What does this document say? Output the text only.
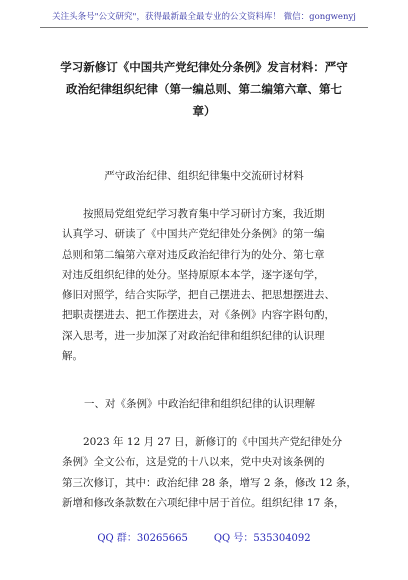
关注头条号"公文研究"，获得最新最全最专业的公文资料库！ 微信：gongwenyj
学习新修订《中国共产党纪律处分条例》发言材料：严守
政治纪律组织纪律（第一编总则、第二编第六章、第七
章）
严守政治纪律、组织纪律集中交流研讨材料
按照局党组党纪学习教育集中学习研讨方案，我近期
认真学习、研读了《中国共产党纪律处分条例》的第一编
总则和第二编第六章对违反政治纪律行为的处分、第七章
对违反组织纪律的处分。坚持原原本本学，逐字逐句学，
修旧对照学，结合实际学，把自己摆进去、把思想摆进去、
把职责摆进去、把工作摆进去，对《条例》内容字斟句酌，
深入思考，进一步加深了对政治纪律和组织纪律的认识理
解。
一、对《条例》中政治纪律和组织纪律的认识理解
2023 年 12 月 27 日，新修订的《中国共产党纪律处分
条例》全文公布，这是党的十八以来，党中央对该条例的
第三次修订，其中：政治纪律 28 条，增写 2 条，修改 12 条，
新增和修改条款数在六项纪律中居于首位。组织纪律 17 条，
QQ 群：30265665	QQ 号：535304092
